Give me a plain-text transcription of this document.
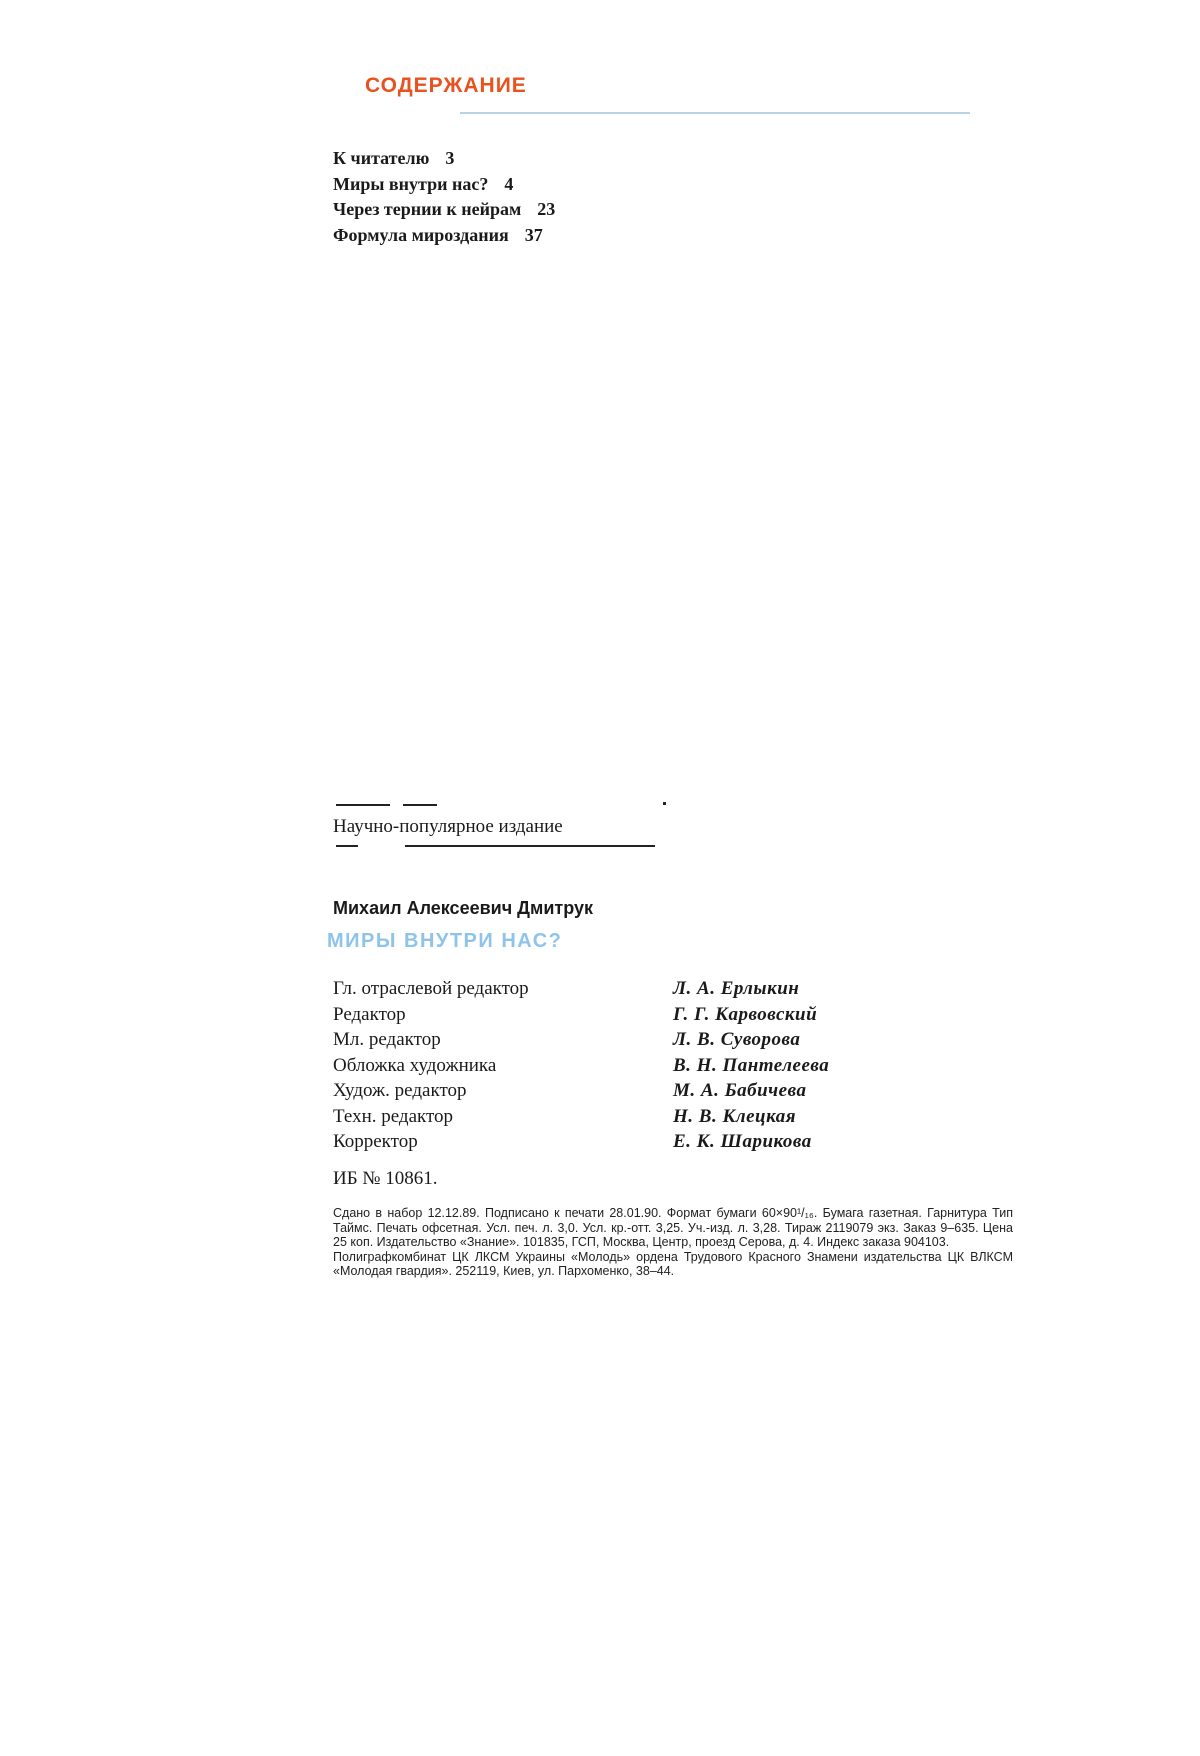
СОДЕРЖАНИЕ
К читателю 3
Миры внутри нас? 4
Через тернии к нейрам 23
Формула мироздания 37
Научно-популярное издание
Михаил Алексеевич Дмитрук
МИРЫ ВНУТРИ НАС?
Гл. отраслевой редактор	Л. А. Ерлыкин
Редактор	Г. Г. Карвовский
Мл. редактор	Л. В. Суворова
Обложка художника	В. Н. Пантелеева
Худож. редактор	М. А. Бабичева
Техн. редактор	Н. В. Клецкая
Корректор	Е. К. Шарикова
ИБ № 10861.

Сдано в набор 12.12.89. Подписано к печати 28.01.90. Формат бумаги 60×90¹/₁₆. Бумага газетная. Гарнитура Тип Таймс. Печать офсетная. Усл. печ. л. 3,0. Усл. кр.-отт. 3,25. Уч.-изд. л. 3,28. Тираж 2119079 экз. Заказ 9–635. Цена 25 коп. Издательство «Знание». 101835, ГСП, Москва, Центр, проезд Серова, д. 4. Индекс заказа 904103.

Полиграфкомбинат ЦК ЛКСМ Украины «Молодь» ордена Трудового Красного Знамени издательства ЦК ВЛКСМ «Молодая гвардия». 252119, Киев, ул. Пархоменко, 38–44.
